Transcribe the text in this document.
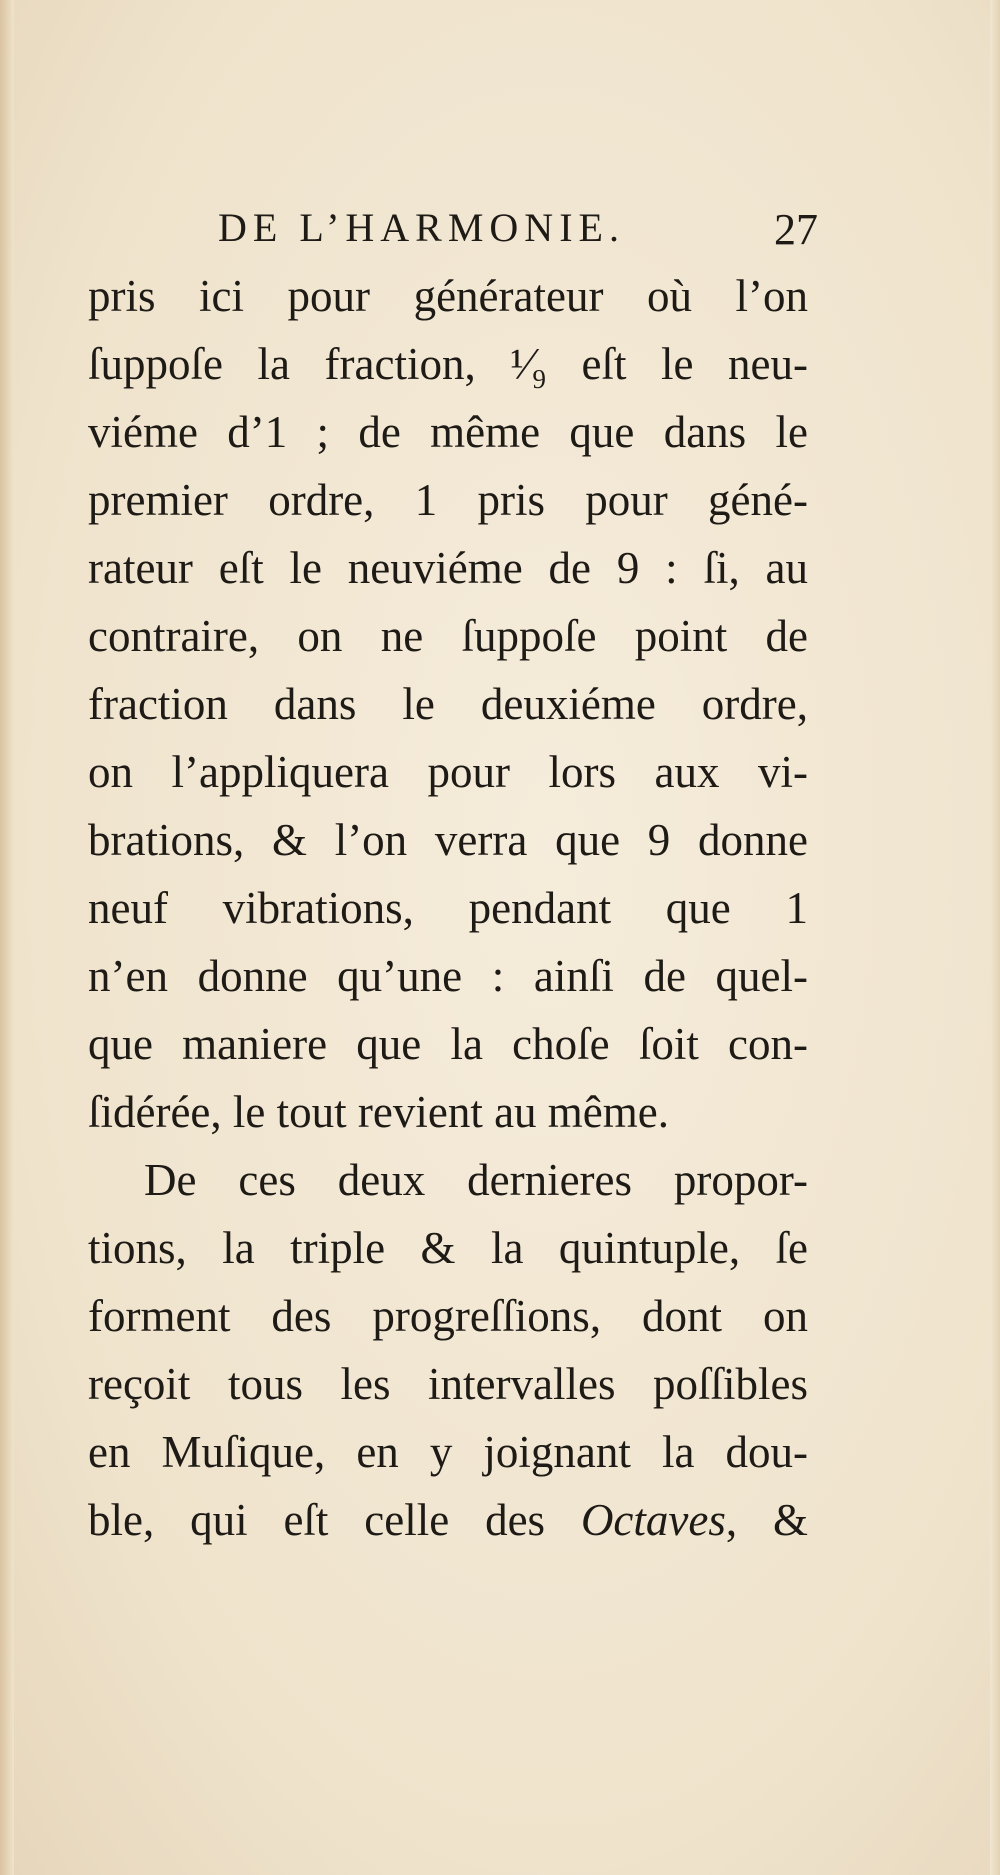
DE L’HARMONIE.	27
pris ici pour générateur où l’on
ſuppoſe la fraction, ¹⁄₉ eſt le neu-
viéme d’1 ; de même que dans le
premier ordre, 1 pris pour géné-
rateur eſt le neuviéme de 9 : ſi, au
contraire, on ne ſuppoſe point de
fraction dans le deuxiéme ordre,
on l’appliquera pour lors aux vi-
brations, & l’on verra que 9 donne
neuf vibrations, pendant que 1
n’en donne qu’une : ainſi de quel-
que maniere que la choſe ſoit con-
ſidérée, le tout revient au même.
De ces deux dernieres propor-
tions, la triple & la quintuple, ſe
forment des progreſſions, dont on
reçoit tous les intervalles poſſibles
en Muſique, en y joignant la dou-
ble, qui eſt celle des Octaves, &
